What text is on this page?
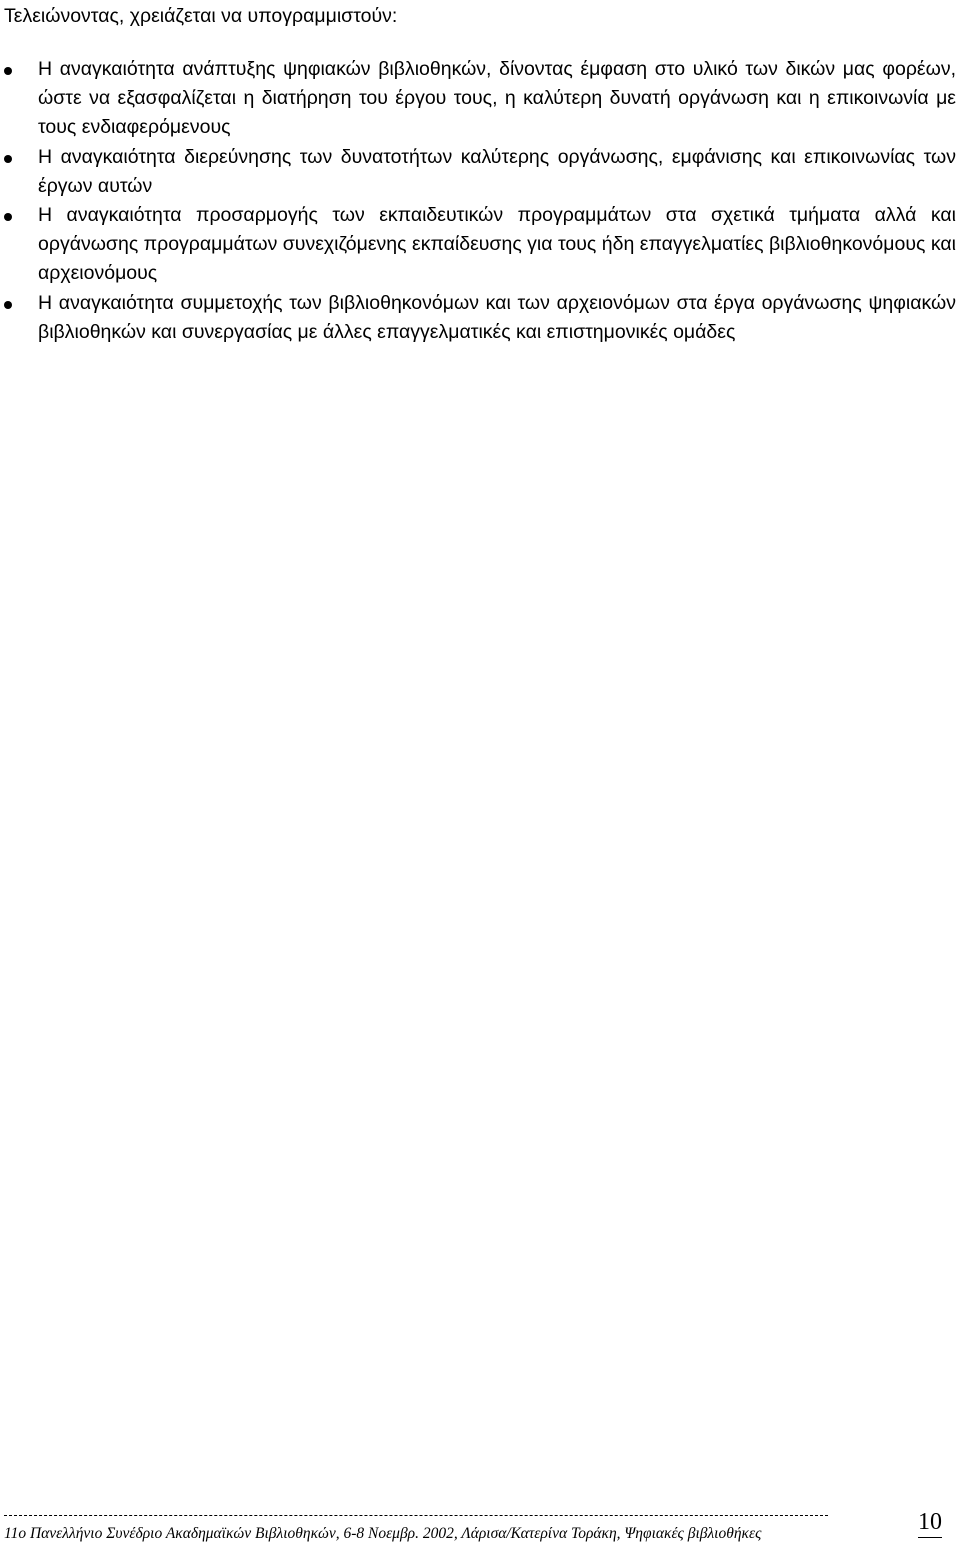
Τελειώνοντας, χρειάζεται να υπογραμμιστούν:

Η αναγκαιότητα ανάπτυξης ψηφιακών βιβλιοθηκών, δίνοντας έμφαση στο υλικό των δικών μας φορέων, ώστε να εξασφαλίζεται η διατήρηση του έργου τους, η καλύτερη δυνατή οργάνωση και η επικοινωνία με τους ενδιαφερόμενους
Η αναγκαιότητα διερεύνησης των δυνατοτήτων καλύτερης οργάνωσης, εμφάνισης και επικοινωνίας των έργων αυτών
Η αναγκαιότητα προσαρμογής των εκπαιδευτικών προγραμμάτων στα σχετικά τμήματα αλλά και οργάνωσης προγραμμάτων συνεχιζόμενης εκπαίδευσης για τους ήδη επαγγελματίες βιβλιοθηκονόμους και αρχειονόμους
Η αναγκαιότητα συμμετοχής των βιβλιοθηκονόμων και των αρχειονόμων στα έργα οργάνωσης ψηφιακών βιβλιοθηκών και συνεργασίας με άλλες επαγγελματικές και επιστημονικές ομάδες

11ο Πανελλήνιο Συνέδριο Ακαδημαϊκών Βιβλιοθηκών, 6-8 Νοεμβρ. 2002, Λάρισα/Κατερίνα Τοράκη, Ψηφιακές βιβλιοθήκες	10
